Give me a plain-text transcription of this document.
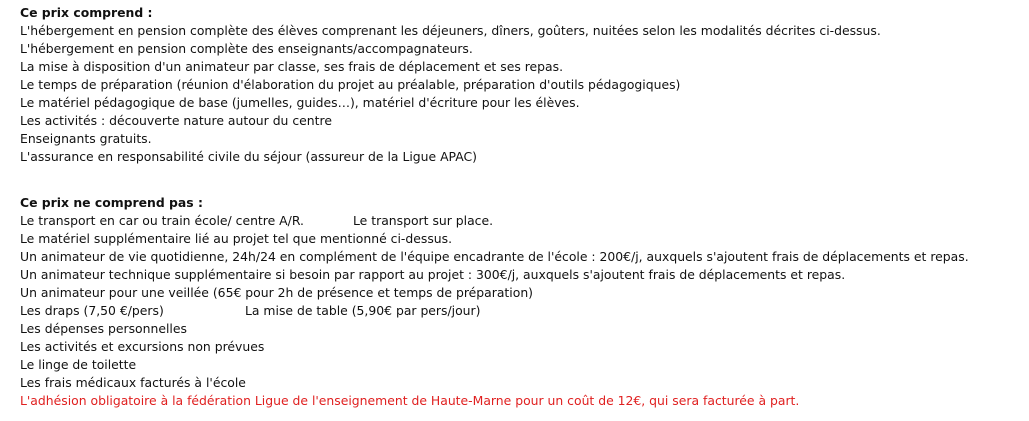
Ce prix comprend :
L'hébergement en pension complète des élèves comprenant les déjeuners, dîners, goûters, nuitées selon les modalités décrites ci-dessus.
L'hébergement en pension complète des enseignants/accompagnateurs.
La mise à disposition d'un animateur par classe, ses frais de déplacement et ses repas.
Le temps de préparation (réunion d'élaboration du projet au préalable, préparation d'outils pédagogiques)
Le matériel pédagogique de base (jumelles, guides…), matériel d'écriture pour les élèves.
Les activités : découverte nature autour du centre
Enseignants gratuits.
L'assurance en responsabilité civile du séjour (assureur de la Ligue APAC)
Ce prix ne comprend pas :
Le transport en car ou train école/ centre A/R.	Le transport sur place.
Le matériel supplémentaire lié au projet tel que mentionné ci-dessus.
Un animateur de vie quotidienne, 24h/24 en complément de l'équipe encadrante de l'école : 200€/j, auxquels s'ajoutent frais de déplacements et repas.
Un animateur technique supplémentaire si besoin par rapport au projet : 300€/j, auxquels s'ajoutent frais de déplacements et repas.
Un animateur pour une veillée (65€ pour 2h de présence et temps de préparation)
Les draps (7,50 €/pers)	La mise de table (5,90€ par pers/jour)
Les dépenses personnelles
Les activités et excursions non prévues
Le linge de toilette
Les frais médicaux facturés à l'école
L'adhésion obligatoire à la fédération Ligue de l'enseignement de Haute-Marne pour un coût de 12€, qui sera facturée à part.
